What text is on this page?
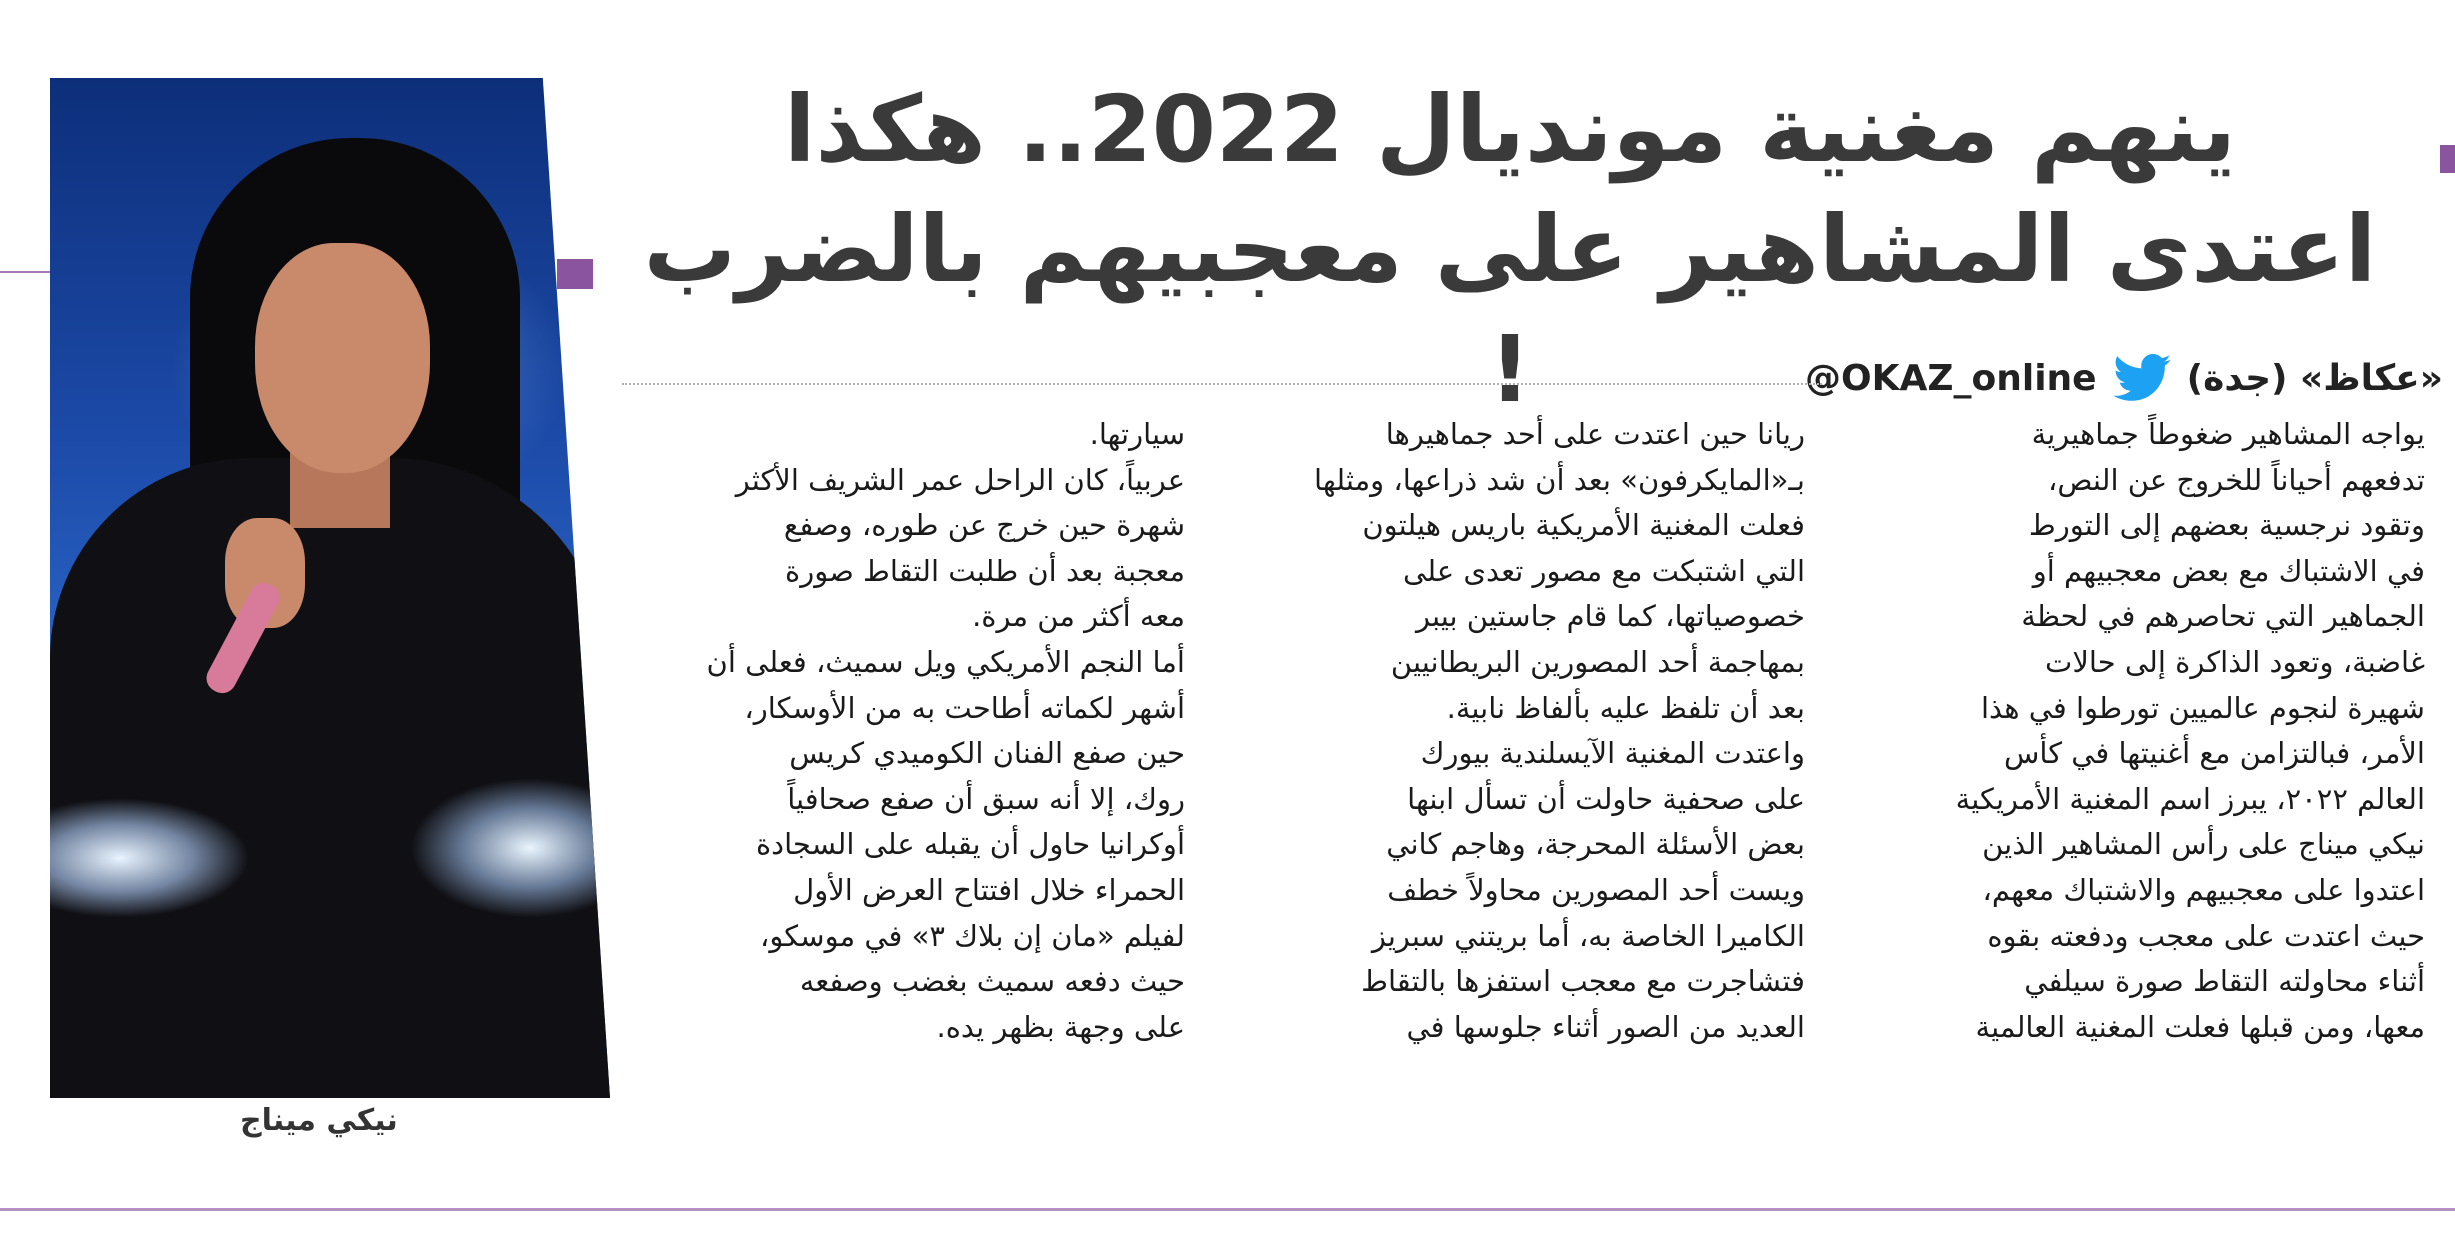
ينهم مغنية مونديال 2022.. هكذا
اعتدى المشاهير على معجبيهم بالضرب !	«عكاظ» (جدة)
@OKAZ_online
نيكي ميناج

يواجه المشاهير ضغوطاً جماهيرية
تدفعهم أحياناً للخروج عن النص،
وتقود نرجسية بعضهم إلى التورط
في الاشتباك مع بعض معجبيهم أو
الجماهير التي تحاصرهم في لحظة
غاضبة، وتعود الذاكرة إلى حالات
شهيرة لنجوم عالميين تورطوا في هذا
الأمر، فبالتزامن مع أغنيتها في كأس
العالم ٢٠٢٢، يبرز اسم المغنية الأمريكية
نيكي ميناج على رأس المشاهير الذين
اعتدوا على معجبيهم والاشتباك معهم،
حيث اعتدت على معجب ودفعته بقوه
أثناء محاولته التقاط صورة سيلفي
معها، ومن قبلها فعلت المغنية العالمية

ريانا حين اعتدت على أحد جماهيرها
بـ«المايكرفون» بعد أن شد ذراعها، ومثلها
فعلت المغنية الأمريكية باريس هيلتون
التي اشتبكت مع مصور تعدى على
خصوصياتها، كما قام جاستين بيبر
بمهاجمة أحد المصورين البريطانيين
بعد أن تلفظ عليه بألفاظ نابية.
واعتدت المغنية الآيسلندية بيورك
على صحفية حاولت أن تسأل ابنها
بعض الأسئلة المحرجة، وهاجم كاني
ويست أحد المصورين محاولاً خطف
الكاميرا الخاصة به، أما بريتني سبريز
فتشاجرت مع معجب استفزها بالتقاط
العديد من الصور أثناء جلوسها في

سيارتها.
عربياً، كان الراحل عمر الشريف الأكثر
شهرة حين خرج عن طوره، وصفع
معجبة بعد أن طلبت التقاط صورة
معه أكثر من مرة.
أما النجم الأمريكي ويل سميث، فعلى أن
أشهر لكماته أطاحت به من الأوسكار،
حين صفع الفنان الكوميدي كريس
روك، إلا أنه سبق أن صفع صحافياً
أوكرانيا حاول أن يقبله على السجادة
الحمراء خلال افتتاح العرض الأول
لفيلم «مان إن بلاك ٣» في موسكو،
حيث دفعه سميث بغضب وصفعه
على وجهة بظهر يده.
